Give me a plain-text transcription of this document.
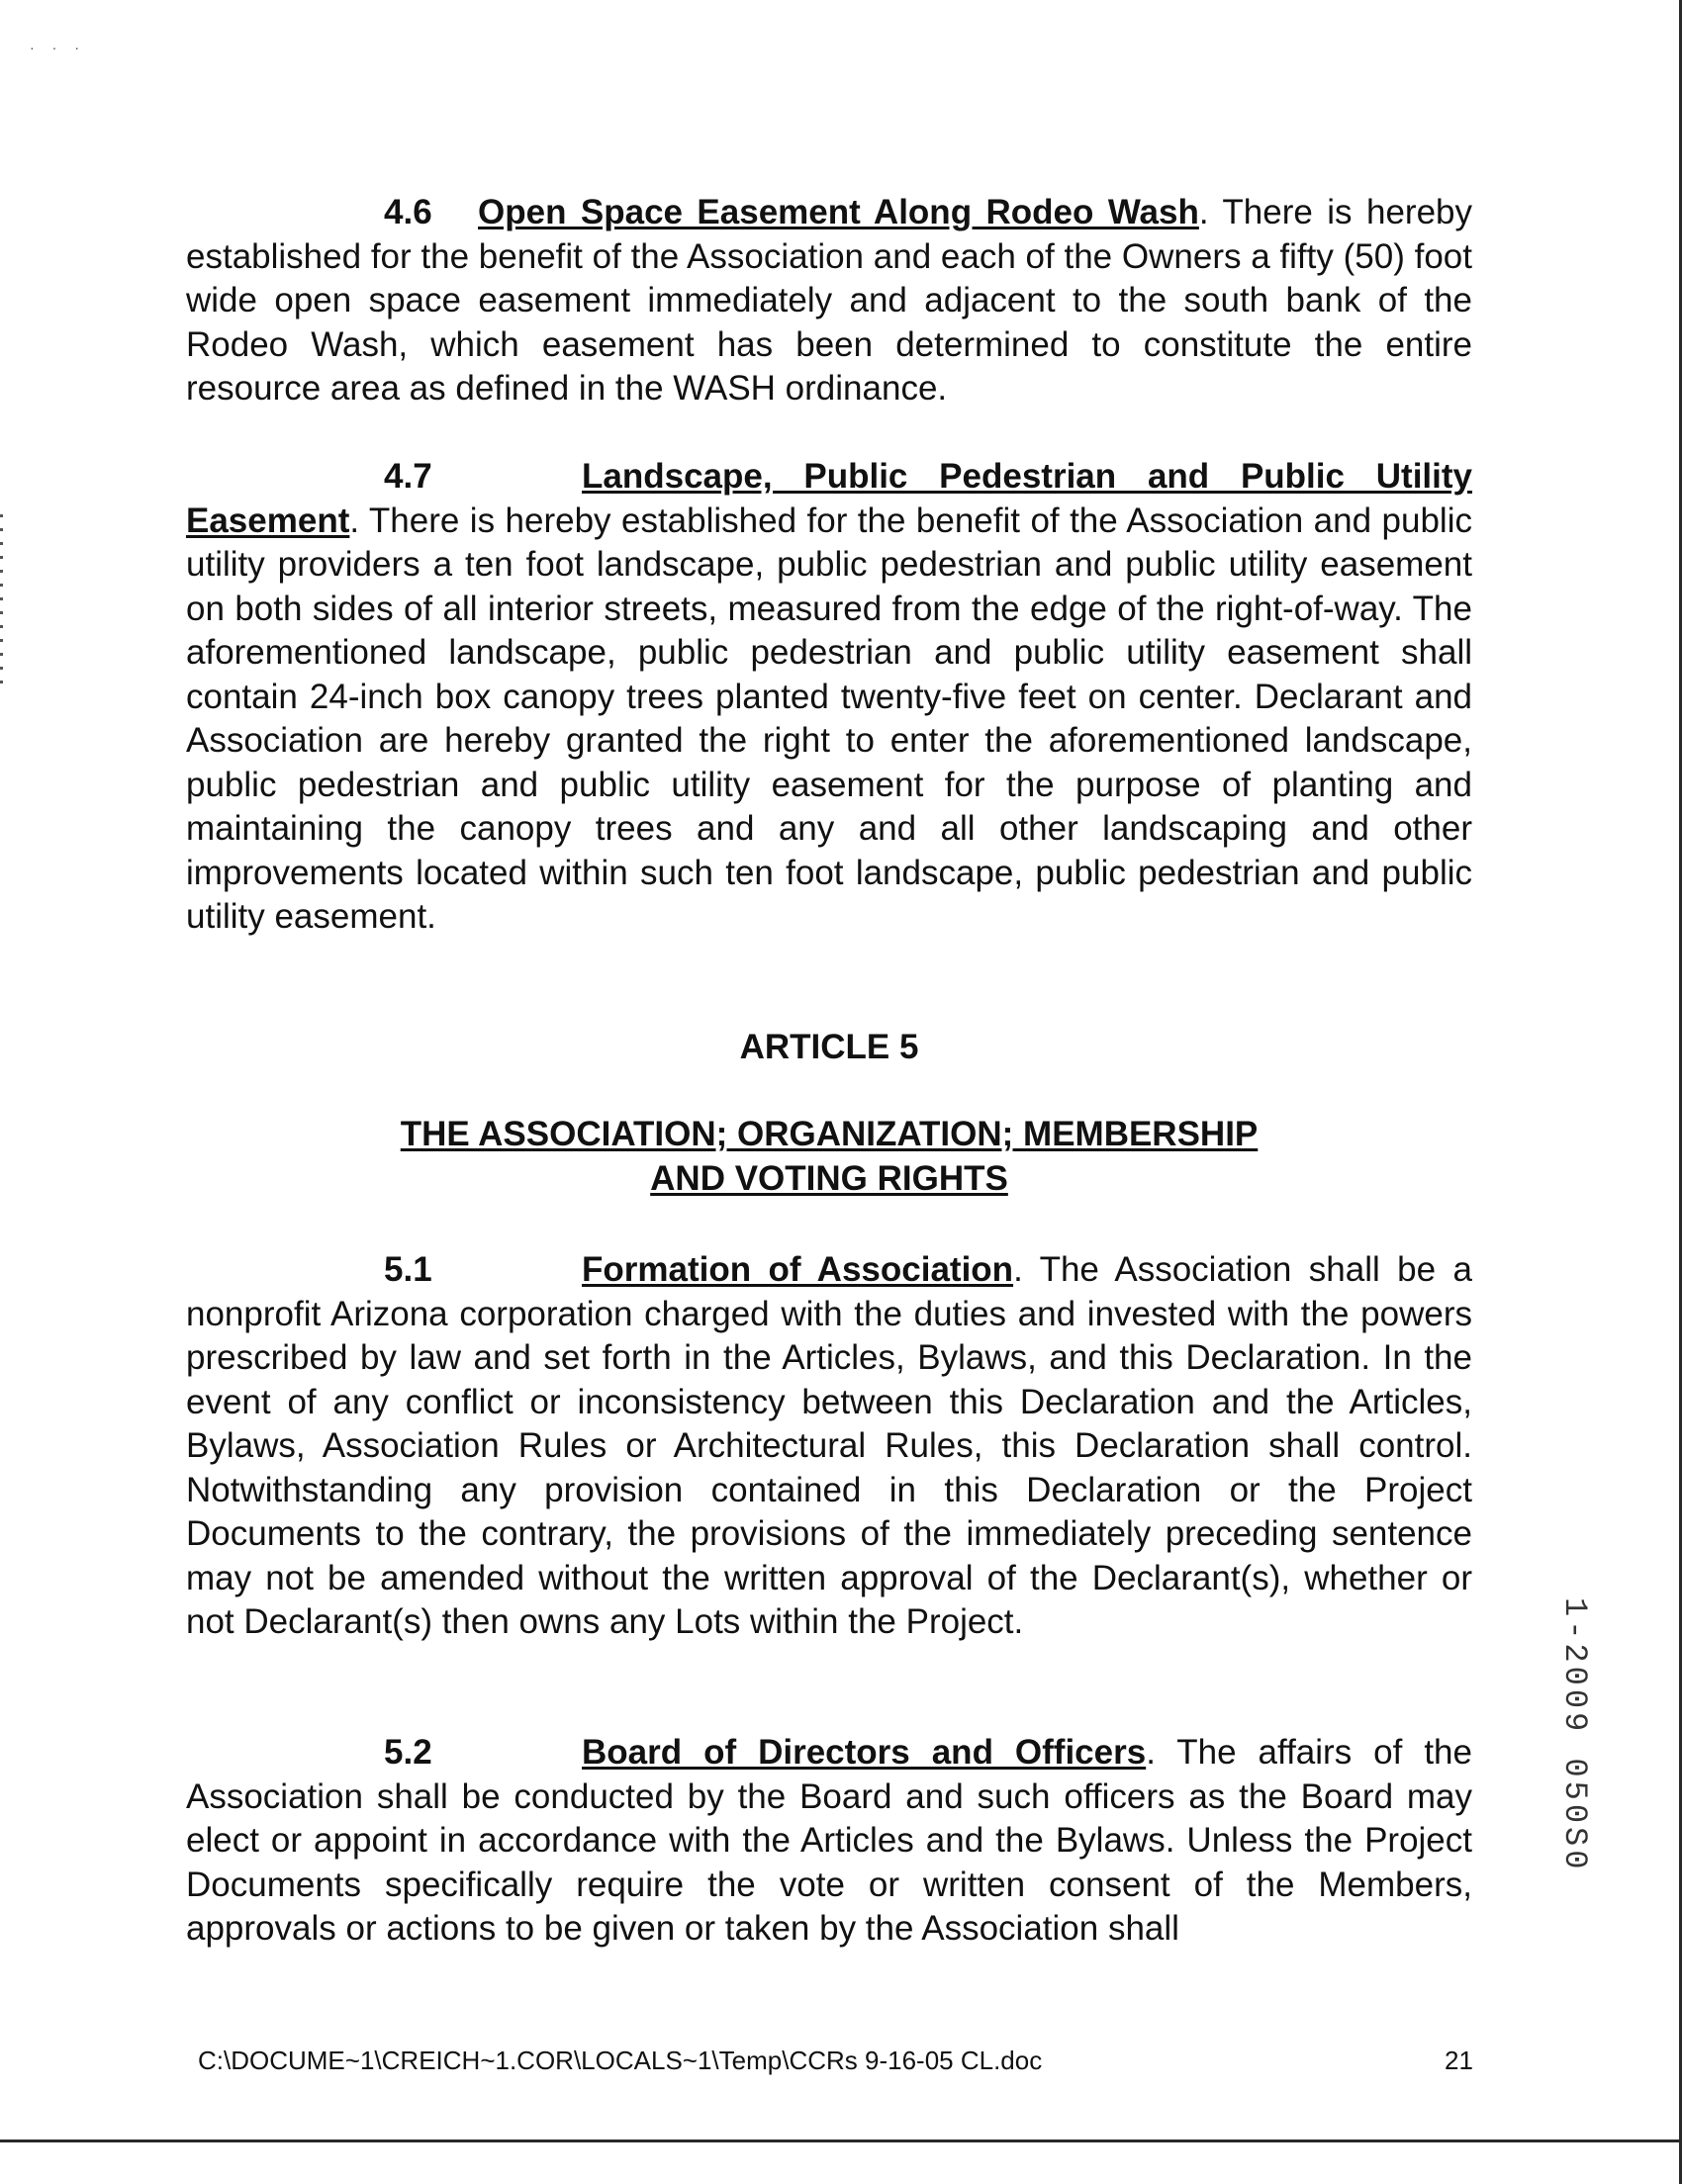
···

4.6 Open Space Easement Along Rodeo Wash. There is hereby established for the benefit of the Association and each of the Owners a fifty (50) foot wide open space easement immediately and adjacent to the south bank of the Rodeo Wash, which easement has been determined to constitute the entire resource area as defined in the WASH ordinance.

4.7	Landscape, Public Pedestrian and Public Utility Easement. There is hereby established for the benefit of the Association and public utility providers a ten foot landscape, public pedestrian and public utility easement on both sides of all interior streets, measured from the edge of the right-of-way. The aforementioned landscape, public pedestrian and public utility easement shall contain 24-inch box canopy trees planted twenty-five feet on center. Declarant and Association are hereby granted the right to enter the aforementioned landscape, public pedestrian and public utility easement for the purpose of planting and maintaining the canopy trees and any and all other landscaping and other improvements located within such ten foot landscape, public pedestrian and public utility easement.

ARTICLE 5
THE ASSOCIATION; ORGANIZATION; MEMBERSHIP
AND VOTING RIGHTS

5.1	Formation of Association. The Association shall be a nonprofit Arizona corporation charged with the duties and invested with the powers prescribed by law and set forth in the Articles, Bylaws, and this Declaration. In the event of any conflict or inconsistency between this Declaration and the Articles, Bylaws, Association Rules or Architectural Rules, this Declaration shall control. Notwithstanding any provision contained in this Declaration or the Project Documents to the contrary, the provisions of the immediately preceding sentence may not be amended without the written approval of the Declarant(s), whether or not Declarant(s) then owns any Lots within the Project.

5.2	Board of Directors and Officers. The affairs of the Association shall be conducted by the Board and such officers as the Board may elect or appoint in accordance with the Articles and the Bylaws. Unless the Project Documents specifically require the vote or written consent of the Members, approvals or actions to be given or taken by the Association shall

C:\DOCUME~1\CREICH~1.COR\LOCALS~1\Temp\CCRs 9-16-05 CL.doc	21
1-2009 050S0
